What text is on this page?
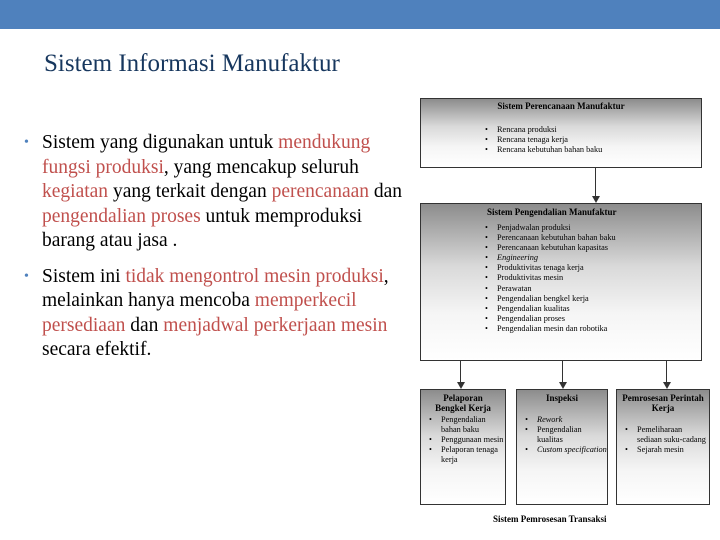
Sistem Informasi Manufaktur
• Sistem yang digunakan untuk mendukung fungsi produksi, yang mencakup seluruh kegiatan yang terkait dengan perencanaan dan pengendalian proses untuk memproduksi barang atau jasa .
• Sistem ini tidak mengontrol mesin produksi, melainkan hanya mencoba memperkecil persediaan dan menjadwal perkerjaan mesin secara efektif.
Sistem Perencanaan Manufaktur
• Rencana produksi
• Rencana tenaga kerja
• Rencana kebutuhan bahan baku
Sistem Pengendalian Manufaktur
• Penjadwalan produksi
• Perencanaan kebutuhan bahan baku
• Perencanaan kebutuhan kapasitas
• Engineering
• Produktivitas tenaga kerja
• Produktivitas mesin
• Perawatan
• Pengendalian bengkel kerja
• Pengendalian kualitas
• Pengendalian proses
• Pengendalian mesin dan robotika
Pelaporan Bengkel Kerja
• Pengendalian bahan baku
• Penggunaan mesin
• Pelaporan tenaga kerja
Inspeksi
• Rework
• Pengendalian kualitas
• Custom specification
Pemrosesan Perintah Kerja
• Pemeliharaan sediaan suku-cadang
• Sejarah mesin
Sistem Pemrosesan Transaksi
